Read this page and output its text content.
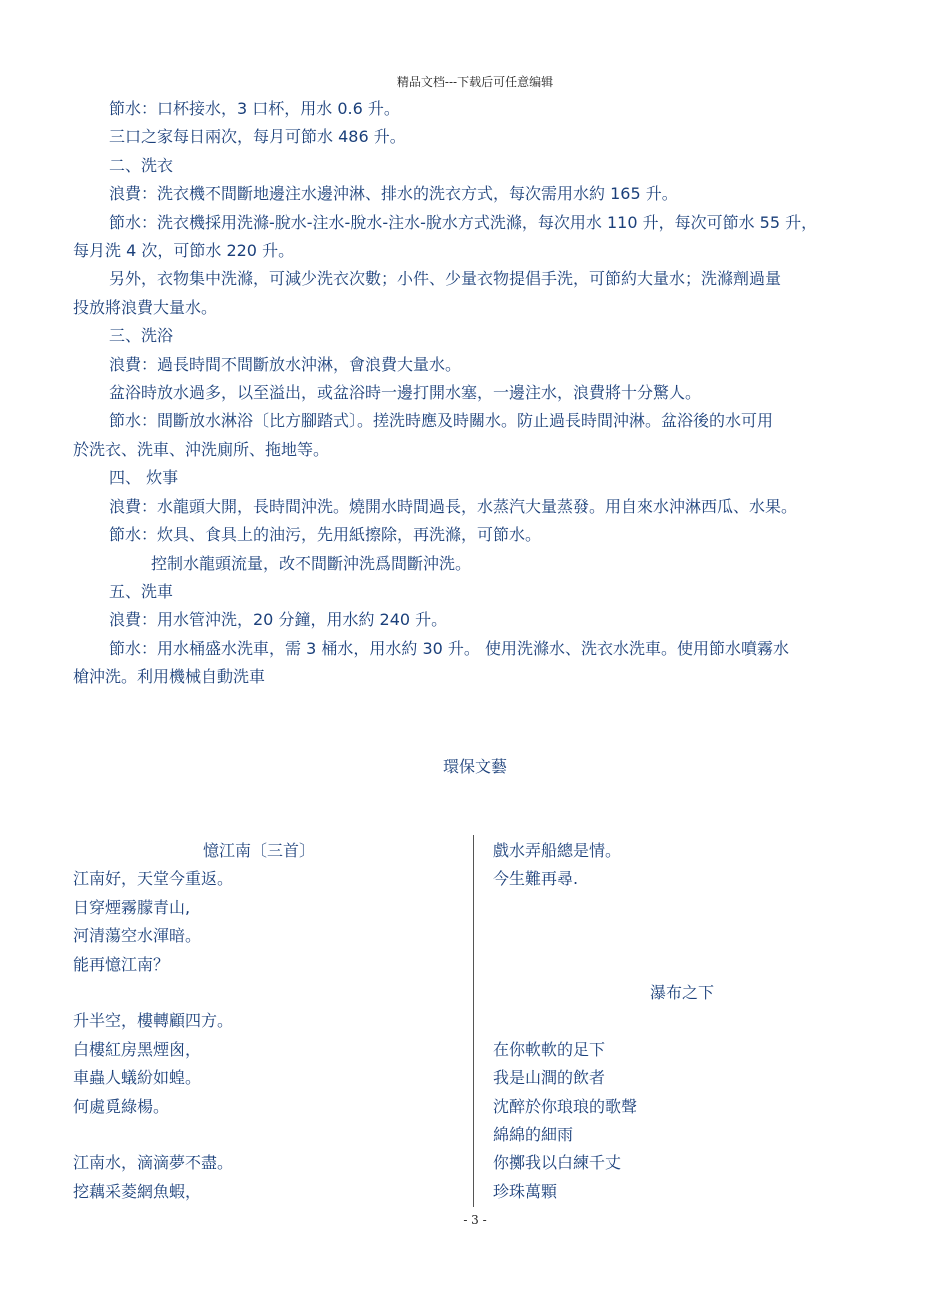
精品文档---下载后可任意编辑

節水：口杯接水，3 口杯，用水 0.6 升。

三口之家每日兩次，每月可節水 486 升。

二、洗衣

浪費：洗衣機不間斷地邊注水邊沖淋、排水的洗衣方式，每次需用水約 165 升。

節水：洗衣機採用洗滌-脫水-注水-脫水-注水-脫水方式洗滌，每次用水 110 升，每次可節水 55 升，

每月洗 4 次，可節水 220 升。

另外，衣物集中洗滌，可減少洗衣次數；小件、少量衣物提倡手洗，可節約大量水；洗滌劑過量

投放將浪費大量水。

三、洗浴

浪費：過長時間不間斷放水沖淋，會浪費大量水。

盆浴時放水過多，以至溢出，或盆浴時一邊打開水塞，一邊注水，浪費將十分驚人。

節水：間斷放水淋浴〔比方腳踏式〕。搓洗時應及時關水。防止過長時間沖淋。盆浴後的水可用

於洗衣、洗車、沖洗廁所、拖地等。

四、 炊事

浪費：水龍頭大開，長時間沖洗。燒開水時間過長，水蒸汽大量蒸發。用自來水沖淋西瓜、水果。

節水：炊具、食具上的油污，先用紙擦除，再洗滌，可節水。

控制水龍頭流量，改不間斷沖洗爲間斷沖洗。

五、洗車

浪費：用水管沖洗，20 分鐘，用水約 240 升。

節水：用水桶盛水洗車，需 3 桶水，用水約 30 升。 使用洗滌水、洗衣水洗車。使用節水噴霧水

槍沖洗。利用機械自動洗車

環保文藝

憶江南〔三首〕

江南好，天堂今重返。

日穿煙霧朦青山,

河清蕩空水渾暗。

能再憶江南？

升半空，樓轉顧四方。

白樓紅房黑煙囪，

車蟲人蟻紛如蝗。

何處覓綠楊。

江南水，滴滴夢不盡。

挖藕采菱網魚蝦，

戲水弄船總是情。

今生難再尋.

瀑布之下

在你軟軟的足下

我是山澗的飲者

沈醉於你琅琅的歌聲

綿綿的細雨

你擲我以白練千丈

珍珠萬顆

- 3 -
